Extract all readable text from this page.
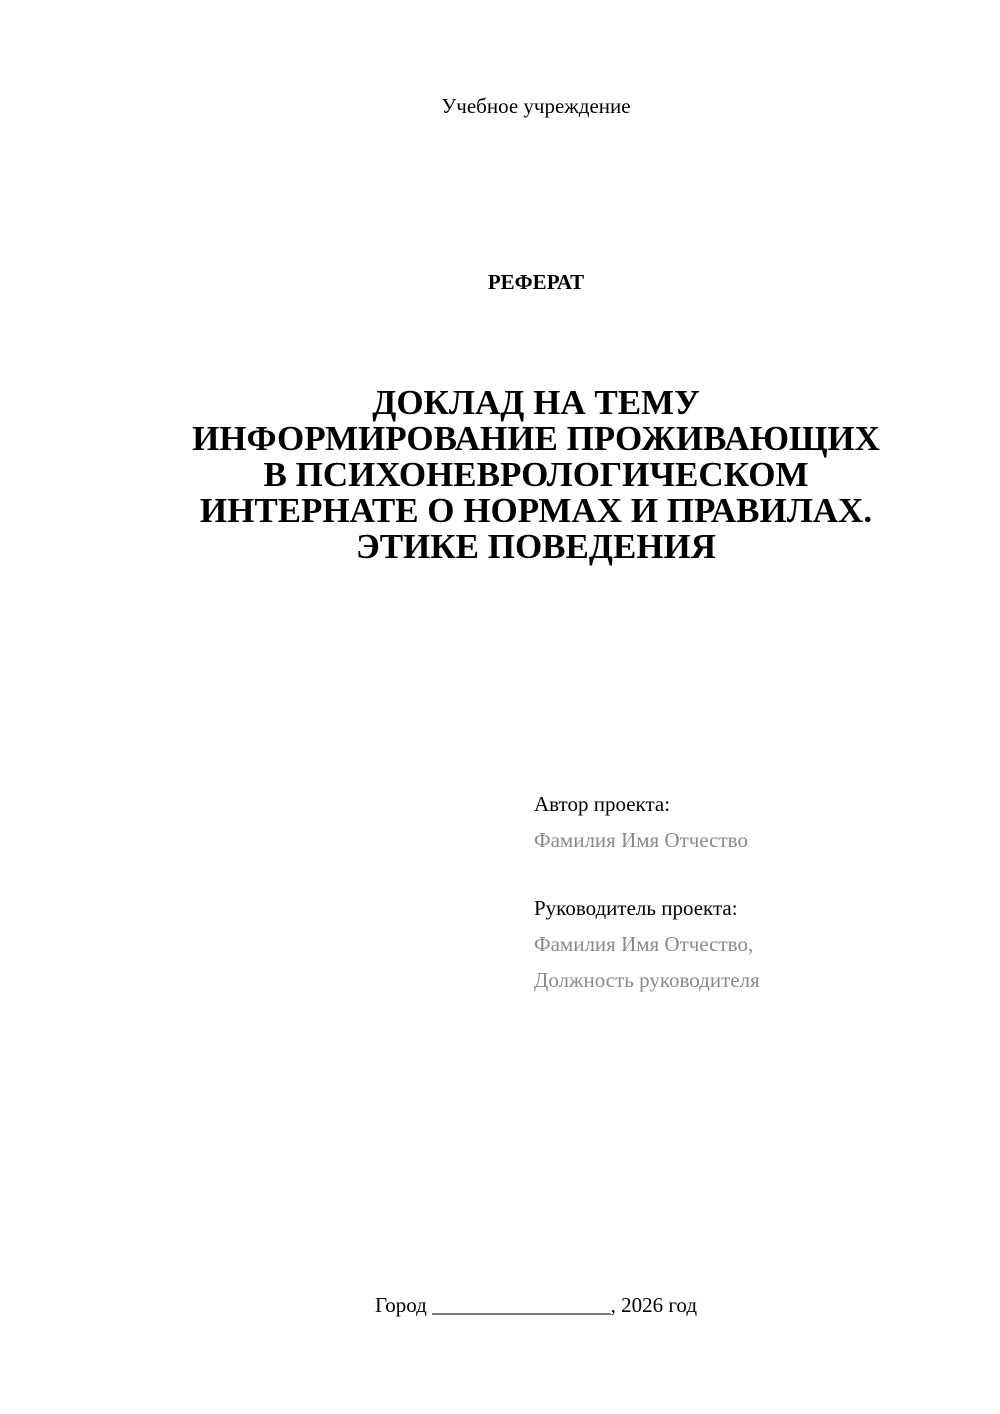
Учебное учреждение
РЕФЕРАТ
ДОКЛАД НА ТЕМУ
ИНФОРМИРОВАНИЕ ПРОЖИВАЮЩИХ
В ПСИХОНЕВРОЛОГИЧЕСКОМ
ИНТЕРНАТЕ О НОРМАХ И ПРАВИЛАХ.
ЭТИКЕ ПОВЕДЕНИЯ
Автор проекта:
Фамилия Имя Отчество
Руководитель проекта:
Фамилия Имя Отчество,
Должность руководителя
Город _________________, 2026 год
